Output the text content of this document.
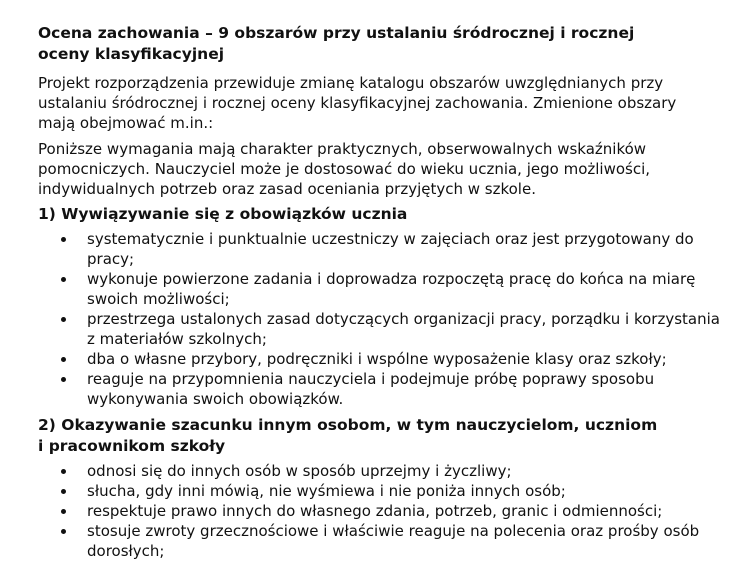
Ocena zachowania – 9 obszarów przy ustalaniu śródrocznej i rocznej oceny klasyfikacyjnej

Projekt rozporządzenia przewiduje zmianę katalogu obszarów uwzględnianych przy ustalaniu śródrocznej i rocznej oceny klasyfikacyjnej zachowania. Zmienione obszary mają obejmować m.in.:

Poniższe wymagania mają charakter praktycznych, obserwowalnych wskaźników pomocniczych. Nauczyciel może je dostosować do wieku ucznia, jego możliwości, indywidualnych potrzeb oraz zasad oceniania przyjętych w szkole.

1) Wywiązywanie się z obowiązków ucznia
systematycznie i punktualnie uczestniczy w zajęciach oraz jest przygotowany do pracy;
wykonuje powierzone zadania i doprowadza rozpoczętą pracę do końca na miarę swoich możliwości;
przestrzega ustalonych zasad dotyczących organizacji pracy, porządku i korzystania z materiałów szkolnych;
dba o własne przybory, podręczniki i wspólne wyposażenie klasy oraz szkoły;
reaguje na przypomnienia nauczyciela i podejmuje próbę poprawy sposobu wykonywania swoich obowiązków.
2) Okazywanie szacunku innym osobom, w tym nauczycielom, uczniom i pracownikom szkoły
odnosi się do innych osób w sposób uprzejmy i życzliwy;
słucha, gdy inni mówią, nie wyśmiewa i nie poniża innych osób;
respektuje prawo innych do własnego zdania, potrzeb, granic i odmienności;
stosuje zwroty grzecznościowe i właściwie reaguje na polecenia oraz prośby osób dorosłych;
